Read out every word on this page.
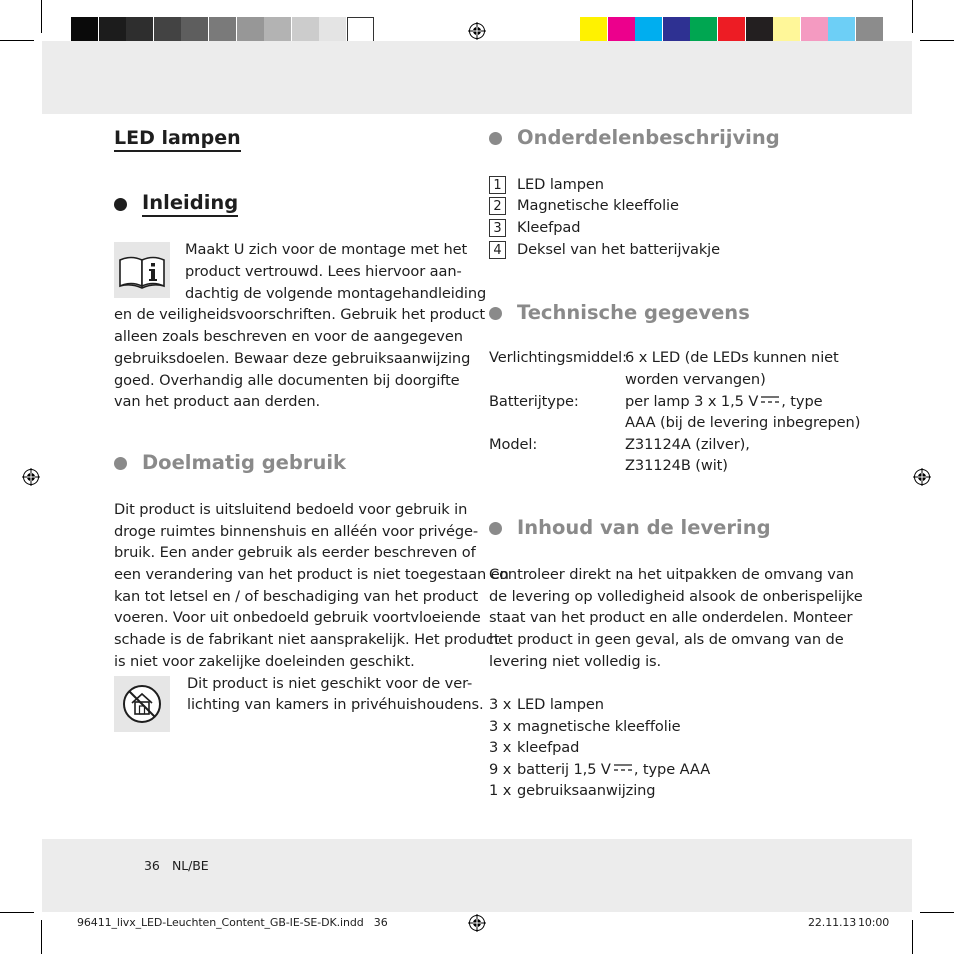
LED lampen
Inleiding
Maakt U zich voor de montage met het
product vertrouwd. Lees hiervoor aan-
dachtig de volgende montagehandleiding
en de veiligheidsvoorschriften. Gebruik het product
alleen zoals beschreven en voor de aangegeven
gebruiksdoelen. Bewaar deze gebruiksaanwijzing
goed. Overhandig alle documenten bij doorgifte
van het product aan derden.
Doelmatig gebruik
Dit product is uitsluitend bedoeld voor gebruik in
droge ruimtes binnenshuis en alléén voor privége-
bruik. Een ander gebruik als eerder beschreven of
een verandering van het product is niet toegestaan en
kan tot letsel en / of beschadiging van het product
voeren. Voor uit onbedoeld gebruik voortvloeiende
schade is de fabrikant niet aansprakelijk. Het product
is niet voor zakelijke doeleinden geschikt.
Dit product is niet geschikt voor de ver-
lichting van kamers in privéhuishoudens.
Onderdelenbeschrijving
1 LED lampen
2 Magnetische kleeffolie
3 Kleefpad
4 Deksel van het batterijvakje
Technische gegevens
Verlichtingsmiddel:
6 x LED (de LEDs kunnen niet
worden vervangen)
Batterijtype:	per lamp 3 x 1,5 V , type
AAA (bij de levering inbegrepen)
Model:	Z31124A (zilver),
Z31124B (wit)
Inhoud van de levering
Controleer direkt na het uitpakken de omvang van
de levering op volledigheid alsook de onberispelijke
staat van het product en alle onderdelen. Monteer
het product in geen geval, als de omvang van de
levering niet volledig is.
3 x LED lampen
3 x magnetische kleeffolie
3 x kleefpad
9 x batterij 1,5 V , type AAA
1 x gebruiksaanwijzing
36 NL/BE
96411_livx_LED-Leuchten_Content_GB-IE-SE-DK.indd   36	22.11.13 10:00
